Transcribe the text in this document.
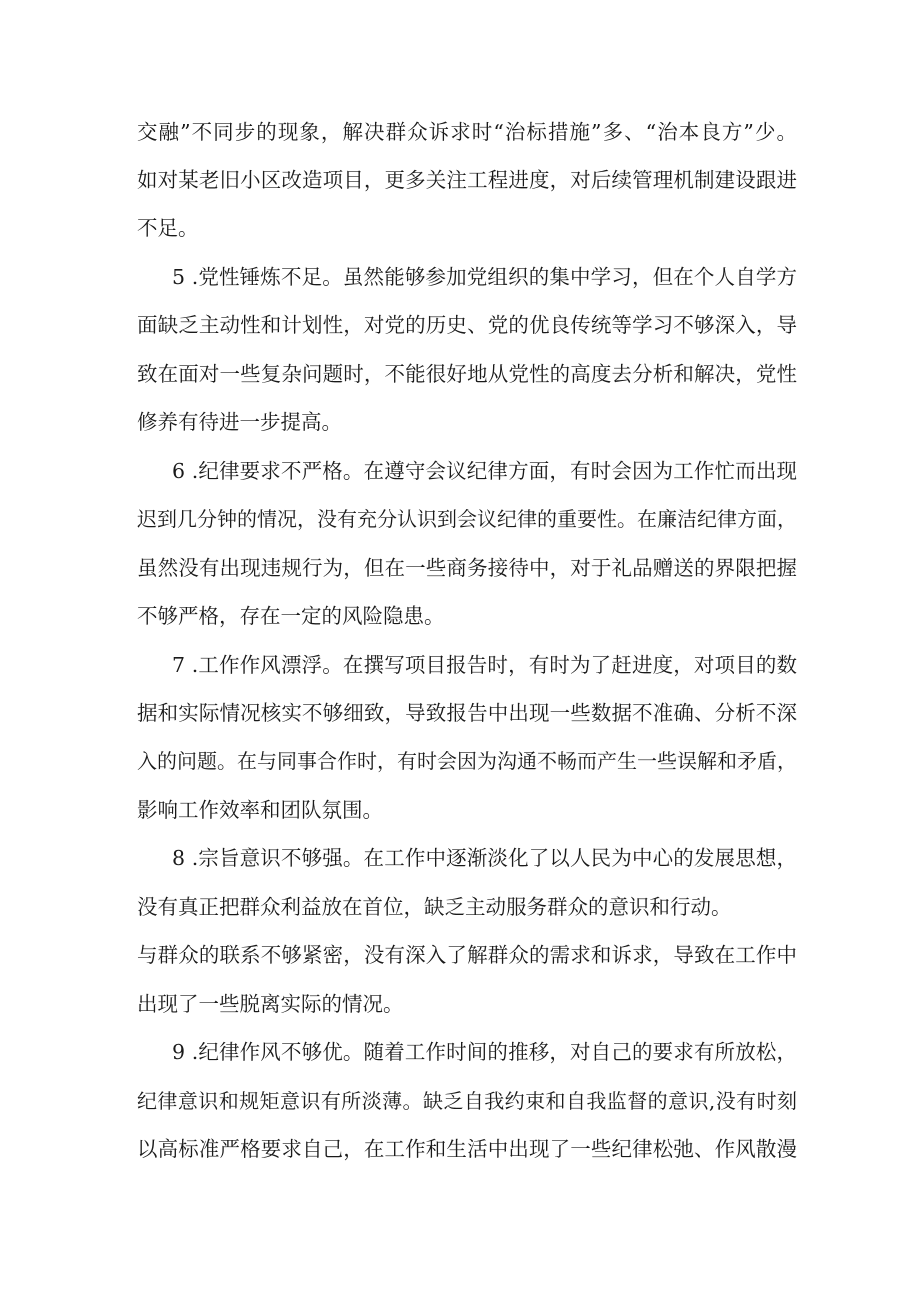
交融”不同步的现象，解决群众诉求时“治标措施”多、“治本良方”少。
如对某老旧小区改造项目，更多关注工程进度，对后续管理机制建设跟进
不足。
5 .党性锤炼不足。虽然能够参加党组织的集中学习，但在个人自学方
面缺乏主动性和计划性，对党的历史、党的优良传统等学习不够深入，导
致在面对一些复杂问题时，不能很好地从党性的高度去分析和解决，党性
修养有待进一步提高。
6 .纪律要求不严格。在遵守会议纪律方面，有时会因为工作忙而出现
迟到几分钟的情况，没有充分认识到会议纪律的重要性。在廉洁纪律方面，
虽然没有出现违规行为，但在一些商务接待中，对于礼品赠送的界限把握
不够严格，存在一定的风险隐患。
7 .工作作风漂浮。在撰写项目报告时，有时为了赶进度，对项目的数
据和实际情况核实不够细致，导致报告中出现一些数据不准确、分析不深
入的问题。在与同事合作时，有时会因为沟通不畅而产生一些误解和矛盾，
影响工作效率和团队氛围。
8 .宗旨意识不够强。在工作中逐渐淡化了以人民为中心的发展思想，
没有真正把群众利益放在首位，缺乏主动服务群众的意识和行动。
与群众的联系不够紧密，没有深入了解群众的需求和诉求，导致在工作中
出现了一些脱离实际的情况。
9 .纪律作风不够优。随着工作时间的推移，对自己的要求有所放松，
纪律意识和规矩意识有所淡薄。缺乏自我约束和自我监督的意识,没有时刻
以高标准严格要求自己，在工作和生活中出现了一些纪律松弛、作风散漫
